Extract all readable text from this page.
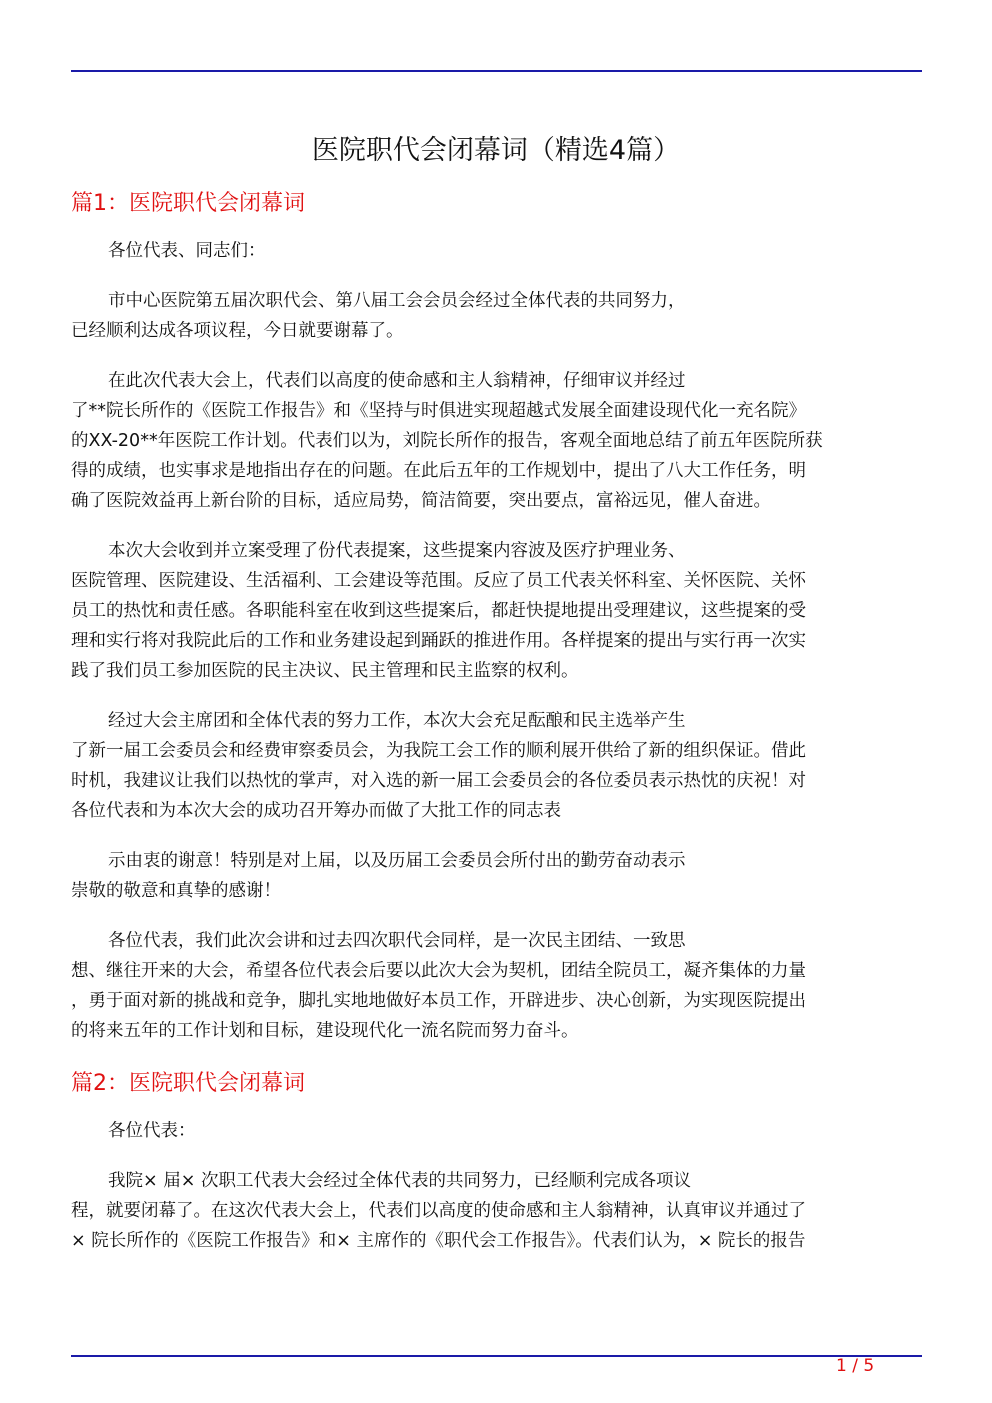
医院职代会闭幕词（精选4篇）
篇1：医院职代会闭幕词
各位代表、同志们：
市中心医院第五届次职代会、第八届工会会员会经过全体代表的共同努力，
已经顺利达成各项议程，今日就要谢幕了。
在此次代表大会上，代表们以高度的使命感和主人翁精神，仔细审议并经过
了**院长所作的《医院工作报告》和《坚持与时俱进实现超越式发展全面建设现代化一充名院》
的XX-20**年医院工作计划。代表们以为，刘院长所作的报告，客观全面地总结了前五年医院所获
得的成绩，也实事求是地指出存在的问题。在此后五年的工作规划中，提出了八大工作任务，明
确了医院效益再上新台阶的目标，适应局势，简洁简要，突出要点，富裕远见，催人奋进。
本次大会收到并立案受理了份代表提案，这些提案内容波及医疗护理业务、
医院管理、医院建设、生活福利、工会建设等范围。反应了员工代表关怀科室、关怀医院、关怀
员工的热忱和责任感。各职能科室在收到这些提案后，都赶快提地提出受理建议，这些提案的受
理和实行将对我院此后的工作和业务建设起到踊跃的推进作用。各样提案的提出与实行再一次实
践了我们员工参加医院的民主决议、民主管理和民主监察的权利。
经过大会主席团和全体代表的努力工作，本次大会充足酝酿和民主选举产生
了新一届工会委员会和经费审察委员会，为我院工会工作的顺利展开供给了新的组织保证。借此
时机，我建议让我们以热忱的掌声，对入选的新一届工会委员会的各位委员表示热忱的庆祝！对
各位代表和为本次大会的成功召开筹办而做了大批工作的同志表
示由衷的谢意！特别是对上届，以及历届工会委员会所付出的勤劳奋动表示
崇敬的敬意和真挚的感谢！
各位代表，我们此次会讲和过去四次职代会同样，是一次民主团结、一致思
想、继往开来的大会，希望各位代表会后要以此次大会为契机，团结全院员工，凝齐集体的力量
，勇于面对新的挑战和竞争，脚扎实地地做好本员工作，开辟进步、决心创新，为实现医院提出
的将来五年的工作计划和目标，建设现代化一流名院而努力奋斗。
篇2：医院职代会闭幕词
各位代表：
我院× 届× 次职工代表大会经过全体代表的共同努力，已经顺利完成各项议
程，就要闭幕了。在这次代表大会上，代表们以高度的使命感和主人翁精神，认真审议并通过了
× 院长所作的《医院工作报告》和× 主席作的《职代会工作报告》。代表们认为，× 院长的报告
1 / 5
